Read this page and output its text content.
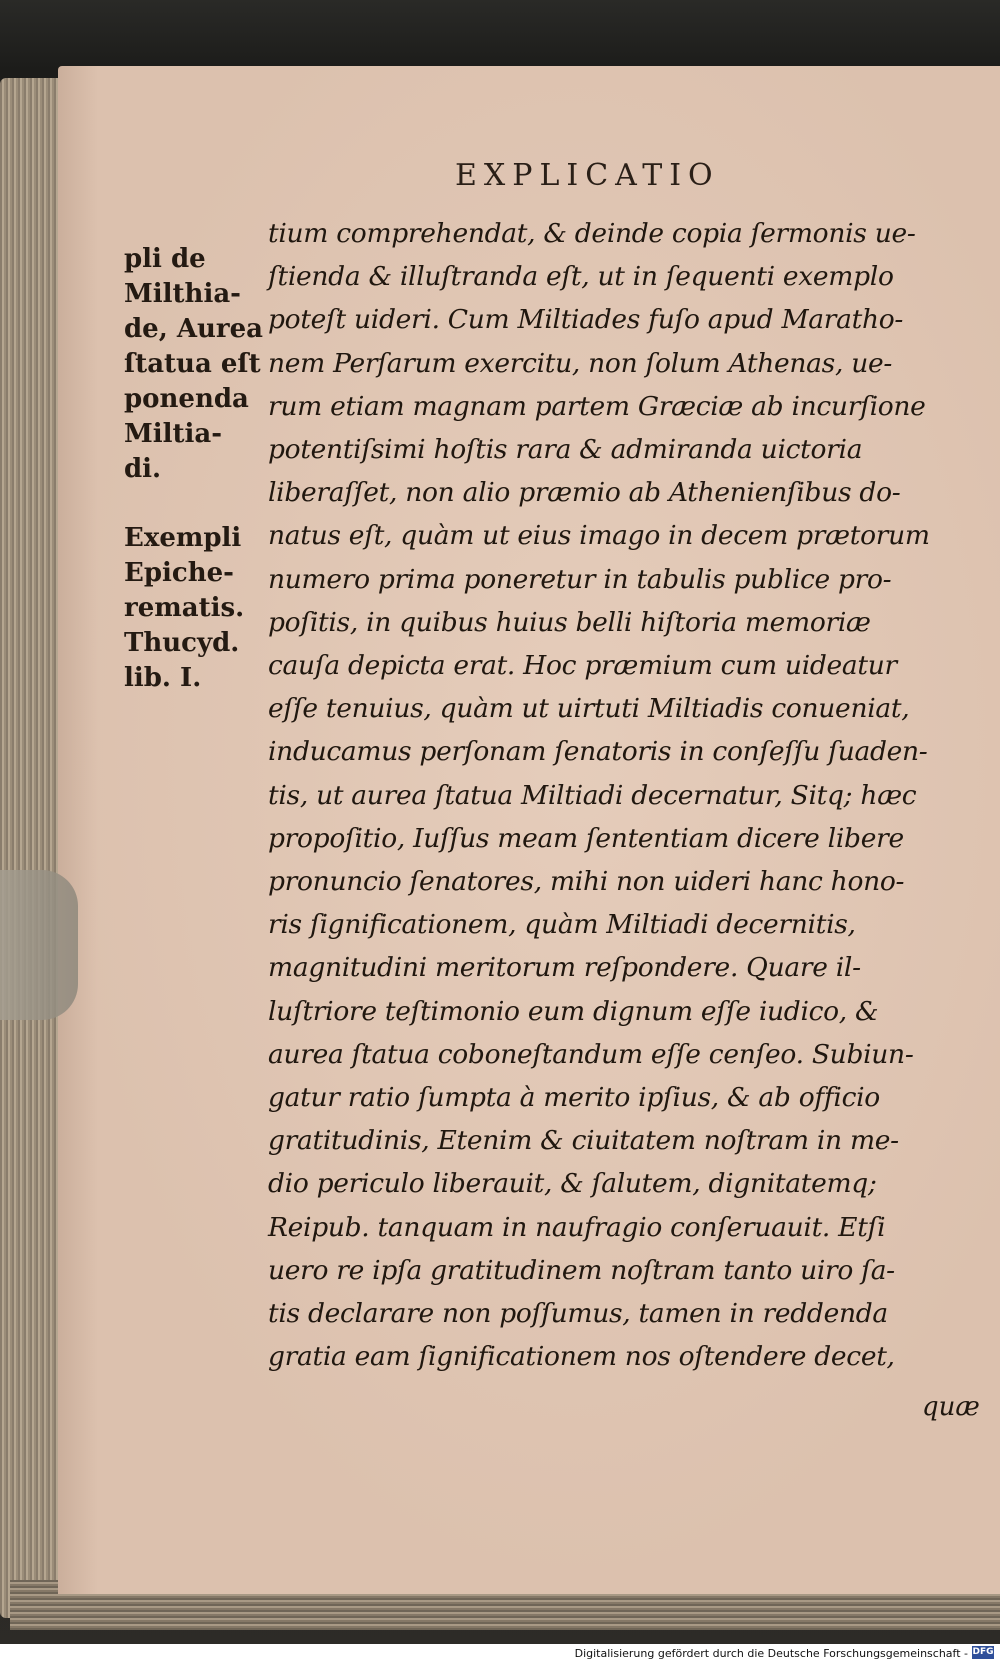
EXPLICATIO
pli de
Milthia-
de, Aurea
ſtatua eſt
ponenda
Miltia-
di.
Exempli
Epiche-
rematis.
Thucyd.
lib. I.
tium comprehendat, & deinde copia ſermonis ue-
ſtienda & illuſtranda eſt, ut in ſequenti exemplo
poteſt uideri. Cum Miltiades fuſo apud Maratho-
nem Perſarum exercitu, non ſolum Athenas, ue-
rum etiam magnam partem Græciæ ab incurſione
potentiſsimi hoſtis rara & admiranda uictoria
liberaſſet, non alio præmio ab Athenienſibus do-
natus eſt, quàm ut eius imago in decem prætorum
numero prima poneretur in tabulis publice pro-
poſitis, in quibus huius belli hiſtoria memoriæ
cauſa depicta erat. Hoc præmium cum uideatur
eſſe tenuius, quàm ut uirtuti Miltiadis conueniat,
inducamus perſonam ſenatoris in conſeſſu ſuaden-
tis, ut aurea ſtatua Miltiadi decernatur, Sitq; hæc
propoſitio, Iuſſus meam ſententiam dicere libere
pronuncio ſenatores, mihi non uideri hanc hono-
ris ſignificationem, quàm Miltiadi decernitis,
magnitudini meritorum reſpondere. Quare il-
luſtriore teſtimonio eum dignum eſſe iudico, &
aurea ſtatua coboneſtandum eſſe cenſeo. Subiun-
gatur ratio ſumpta à merito ipſius, & ab officio
gratitudinis, Etenim & ciuitatem noſtram in me-
dio periculo liberauit, & ſalutem, dignitatemq;
Reipub. tanquam in naufragio conſeruauit. Etſi
uero re ipſa gratitudinem noſtram tanto uiro ſa-
tis declarare non poſſumus, tamen in reddenda
gratia eam ſignificationem nos oſtendere decet,
quæ
Digitalisierung gefördert durch die Deutsche Forschungsgemeinschaft - DFG
